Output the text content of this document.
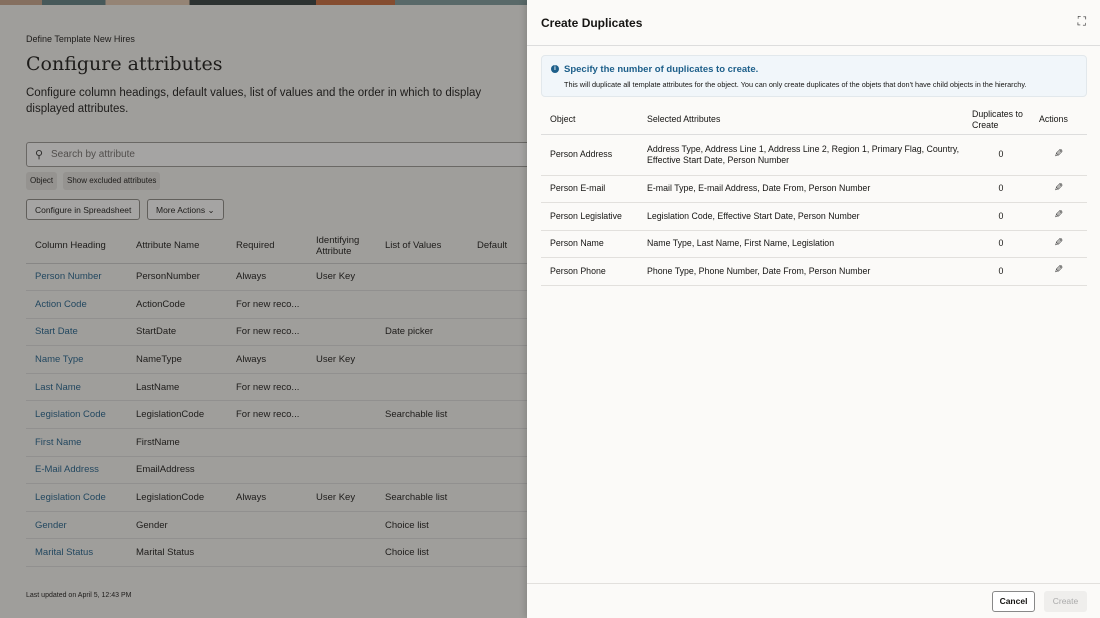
Define Template New Hires
Configure attributes
Configure column headings, default values, list of values and the order in which to display displayed attributes.
⚲ Search by attribute
Object	Show excluded attributes
Configure in Spreadsheet	More Actions ⌄
Column Heading	Attribute Name	Required	Identifying Attribute	List of Values	Default
Person Number	PersonNumber	Always	User Key		
Action Code	ActionCode	For new reco...			
Start Date	StartDate	For new reco...		Date picker	
Name Type	NameType	Always	User Key		
Last Name	LastName	For new reco...			
Legislation Code	LegislationCode	For new reco...		Searchable list	
First Name	FirstName				
E-Mail Address	EmailAddress				
Legislation Code	LegislationCode	Always	User Key	Searchable list	
Gender	Gender			Choice list	
Marital Status	Marital Status			Choice list	
Last updated on April 5, 12:43 PM
Create Duplicates	⛶
i Specify the number of duplicates to create.
This will duplicate all template attributes for the object. You can only create duplicates of the objets that don't have child objects in the hierarchy.
Object	Selected Attributes	Duplicates to Create	Actions
Person Address	Address Type, Address Line 1, Address Line 2, Region 1, Primary Flag, Country, Effective Start Date, Person Number	0	✎
Person E-mail	E-mail Type, E-mail Address, Date From, Person Number	0	✎
Person Legislative	Legislation Code, Effective Start Date, Person Number	0	✎
Person Name	Name Type, Last Name, First Name, Legislation	0	✎
Person Phone	Phone Type, Phone Number, Date From, Person Number	0	✎
Cancel	Create
